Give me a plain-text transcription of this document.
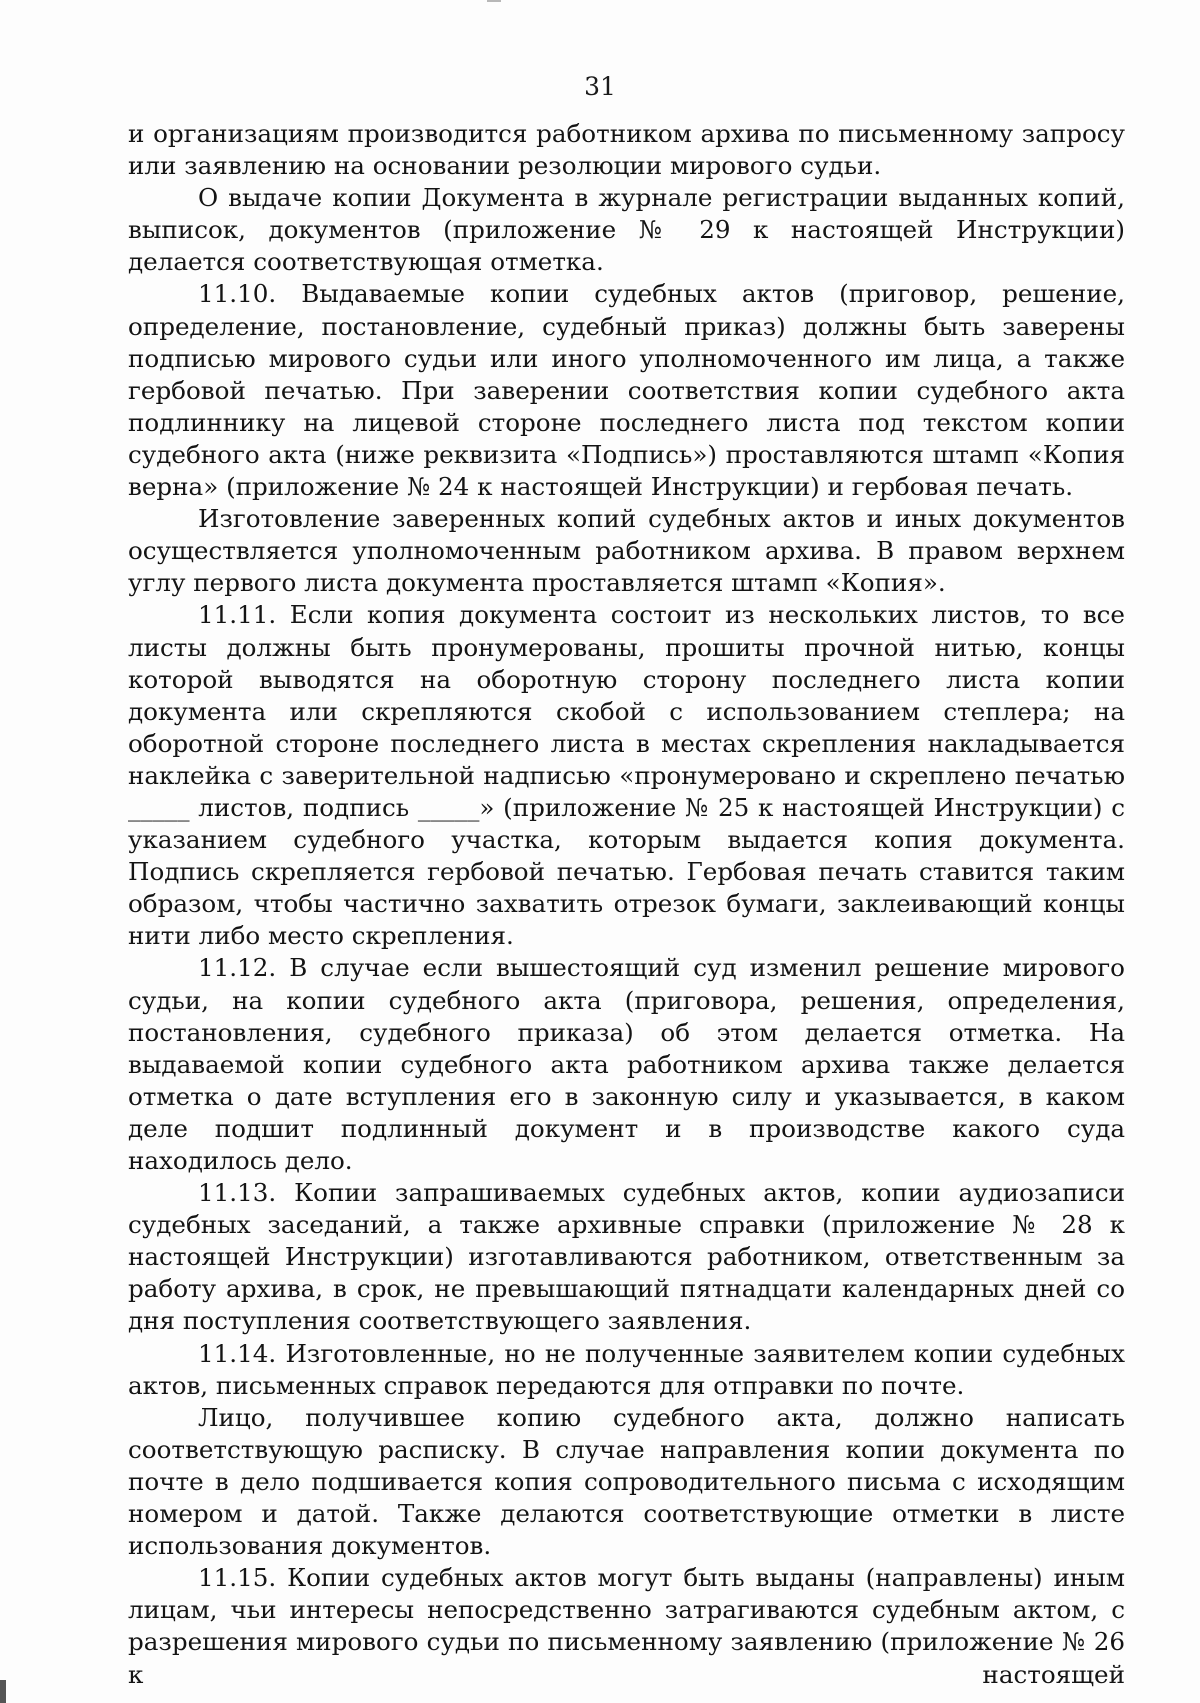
31

и организациям производится работником архива по письменному запросу или заявлению на основании резолюции мирового судьи.

О выдаче копии Документа в журнале регистрации выданных копий, выписок, документов (приложение № 29 к настоящей Инструкции) делается соответствующая отметка.

11.10. Выдаваемые копии судебных актов (приговор, решение, определение, постановление, судебный приказ) должны быть заверены подписью мирового судьи или иного уполномоченного им лица, а также гербовой печатью. При заверении соответствия копии судебного акта подлиннику на лицевой стороне последнего листа под текстом копии судебного акта (ниже реквизита «Подпись») проставляются штамп «Копия верна» (приложение № 24 к настоящей Инструкции) и гербовая печать.

Изготовление заверенных копий судебных актов и иных документов осуществляется уполномоченным работником архива. В правом верхнем углу первого листа документа проставляется штамп «Копия».

11.11. Если копия документа состоит из нескольких листов, то все листы должны быть пронумерованы, прошиты прочной нитью, концы которой выводятся на оборотную сторону последнего листа копии документа или скрепляются скобой с использованием степлера; на оборотной стороне последнего листа в местах скрепления накладывается наклейка с заверительной надписью «пронумеровано и скреплено печатью _____ листов, подпись _____» (приложение № 25 к настоящей Инструкции) с указанием судебного участка, которым выдается копия документа. Подпись скрепляется гербовой печатью. Гербовая печать ставится таким образом, чтобы частично захватить отрезок бумаги, заклеивающий концы нити либо место скрепления.

11.12. В случае если вышестоящий суд изменил решение мирового судьи, на копии судебного акта (приговора, решения, определения, постановления, судебного приказа) об этом делается отметка. На выдаваемой копии судебного акта работником архива также делается отметка о дате вступления его в законную силу и указывается, в каком деле подшит подлинный документ и в производстве какого суда находилось дело.

11.13. Копии запрашиваемых судебных актов, копии аудиозаписи судебных заседаний, а также архивные справки (приложение № 28 к настоящей Инструкции) изготавливаются работником, ответственным за работу архива, в срок, не превышающий пятнадцати календарных дней со дня поступления соответствующего заявления.

11.14. Изготовленные, но не полученные заявителем копии судебных актов, письменных справок передаются для отправки по почте.

Лицо, получившее копию судебного акта, должно написать соответствующую расписку. В случае направления копии документа по почте в дело подшивается копия сопроводительного письма с исходящим номером и датой. Также делаются соответствующие отметки в листе использования документов.

11.15. Копии судебных актов могут быть выданы (направлены) иным лицам, чьи интересы непосредственно затрагиваются судебным актом, с разрешения мирового судьи по письменному заявлению (приложение № 26 к настоящей
